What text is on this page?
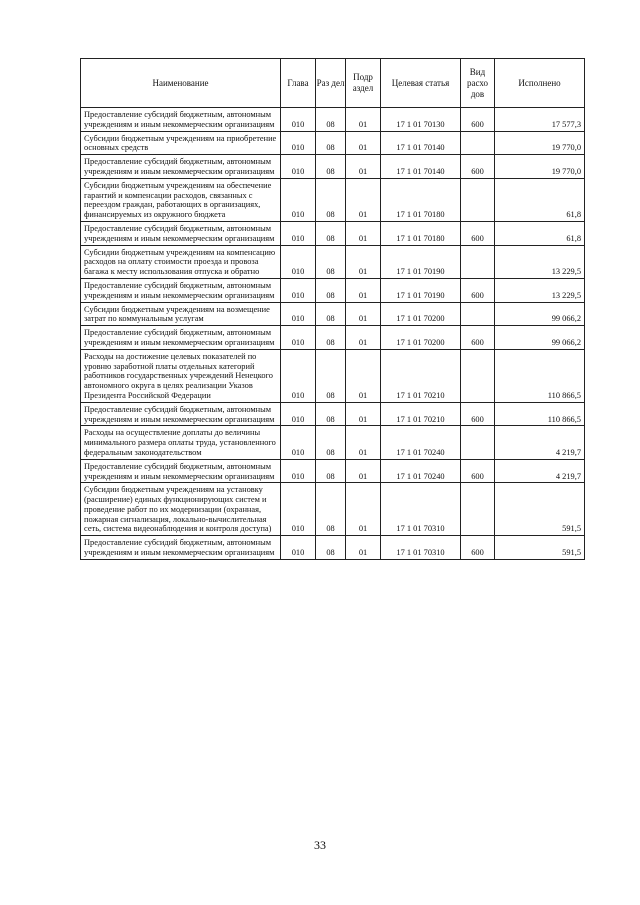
Наименование	Глава	Раз дел	Подр аздел	Целевая статья	Вид расхо дов	Исполнено
Предоставление субсидий бюджетным, автономным учреждениям и иным некоммерческим организациям	010	08	01	17 1 01 70130	600	17 577,3
Субсидии бюджетным учреждениям на приобретение основных средств	010	08	01	17 1 01 70140		19 770,0
Предоставление субсидий бюджетным, автономным учреждениям и иным некоммерческим организациям	010	08	01	17 1 01 70140	600	19 770,0
Субсидии бюджетным учреждениям на обеспечение гарантий и компенсации расходов, связанных с переездом граждан, работающих в организациях, финансируемых из окружного бюджета	010	08	01	17 1 01 70180		61,8
Предоставление субсидий бюджетным, автономным учреждениям и иным некоммерческим организациям	010	08	01	17 1 01 70180	600	61,8
Субсидии бюджетным учреждениям на компенсацию расходов на оплату стоимости проезда и провоза багажа к месту использования отпуска и обратно	010	08	01	17 1 01 70190		13 229,5
Предоставление субсидий бюджетным, автономным учреждениям и иным некоммерческим организациям	010	08	01	17 1 01 70190	600	13 229,5
Субсидии бюджетным учреждениям на возмещение затрат по коммунальным услугам	010	08	01	17 1 01 70200		99 066,2
Предоставление субсидий бюджетным, автономным учреждениям и иным некоммерческим организациям	010	08	01	17 1 01 70200	600	99 066,2
Расходы на достижение целевых показателей по уровню заработной платы отдельных категорий работников государственных учреждений Ненецкого автономного округа в целях реализации Указов Президента Российской Федерации	010	08	01	17 1 01 70210		110 866,5
Предоставление субсидий бюджетным, автономным учреждениям и иным некоммерческим организациям	010	08	01	17 1 01 70210	600	110 866,5
Расходы на осуществление доплаты до величины минимального размера оплаты труда, установленного федеральным законодательством	010	08	01	17 1 01 70240		4 219,7
Предоставление субсидий бюджетным, автономным учреждениям и иным некоммерческим организациям	010	08	01	17 1 01 70240	600	4 219,7
Субсидии бюджетным учреждениям на установку (расширение) единых функционирующих систем и проведение работ по их модернизации (охранная, пожарная сигнализация, локально-вычислительная сеть, система видеонаблюдения и контроля доступа)	010	08	01	17 1 01 70310		591,5
Предоставление субсидий бюджетным, автономным учреждениям и иным некоммерческим организациям	010	08	01	17 1 01 70310	600	591,5
33
